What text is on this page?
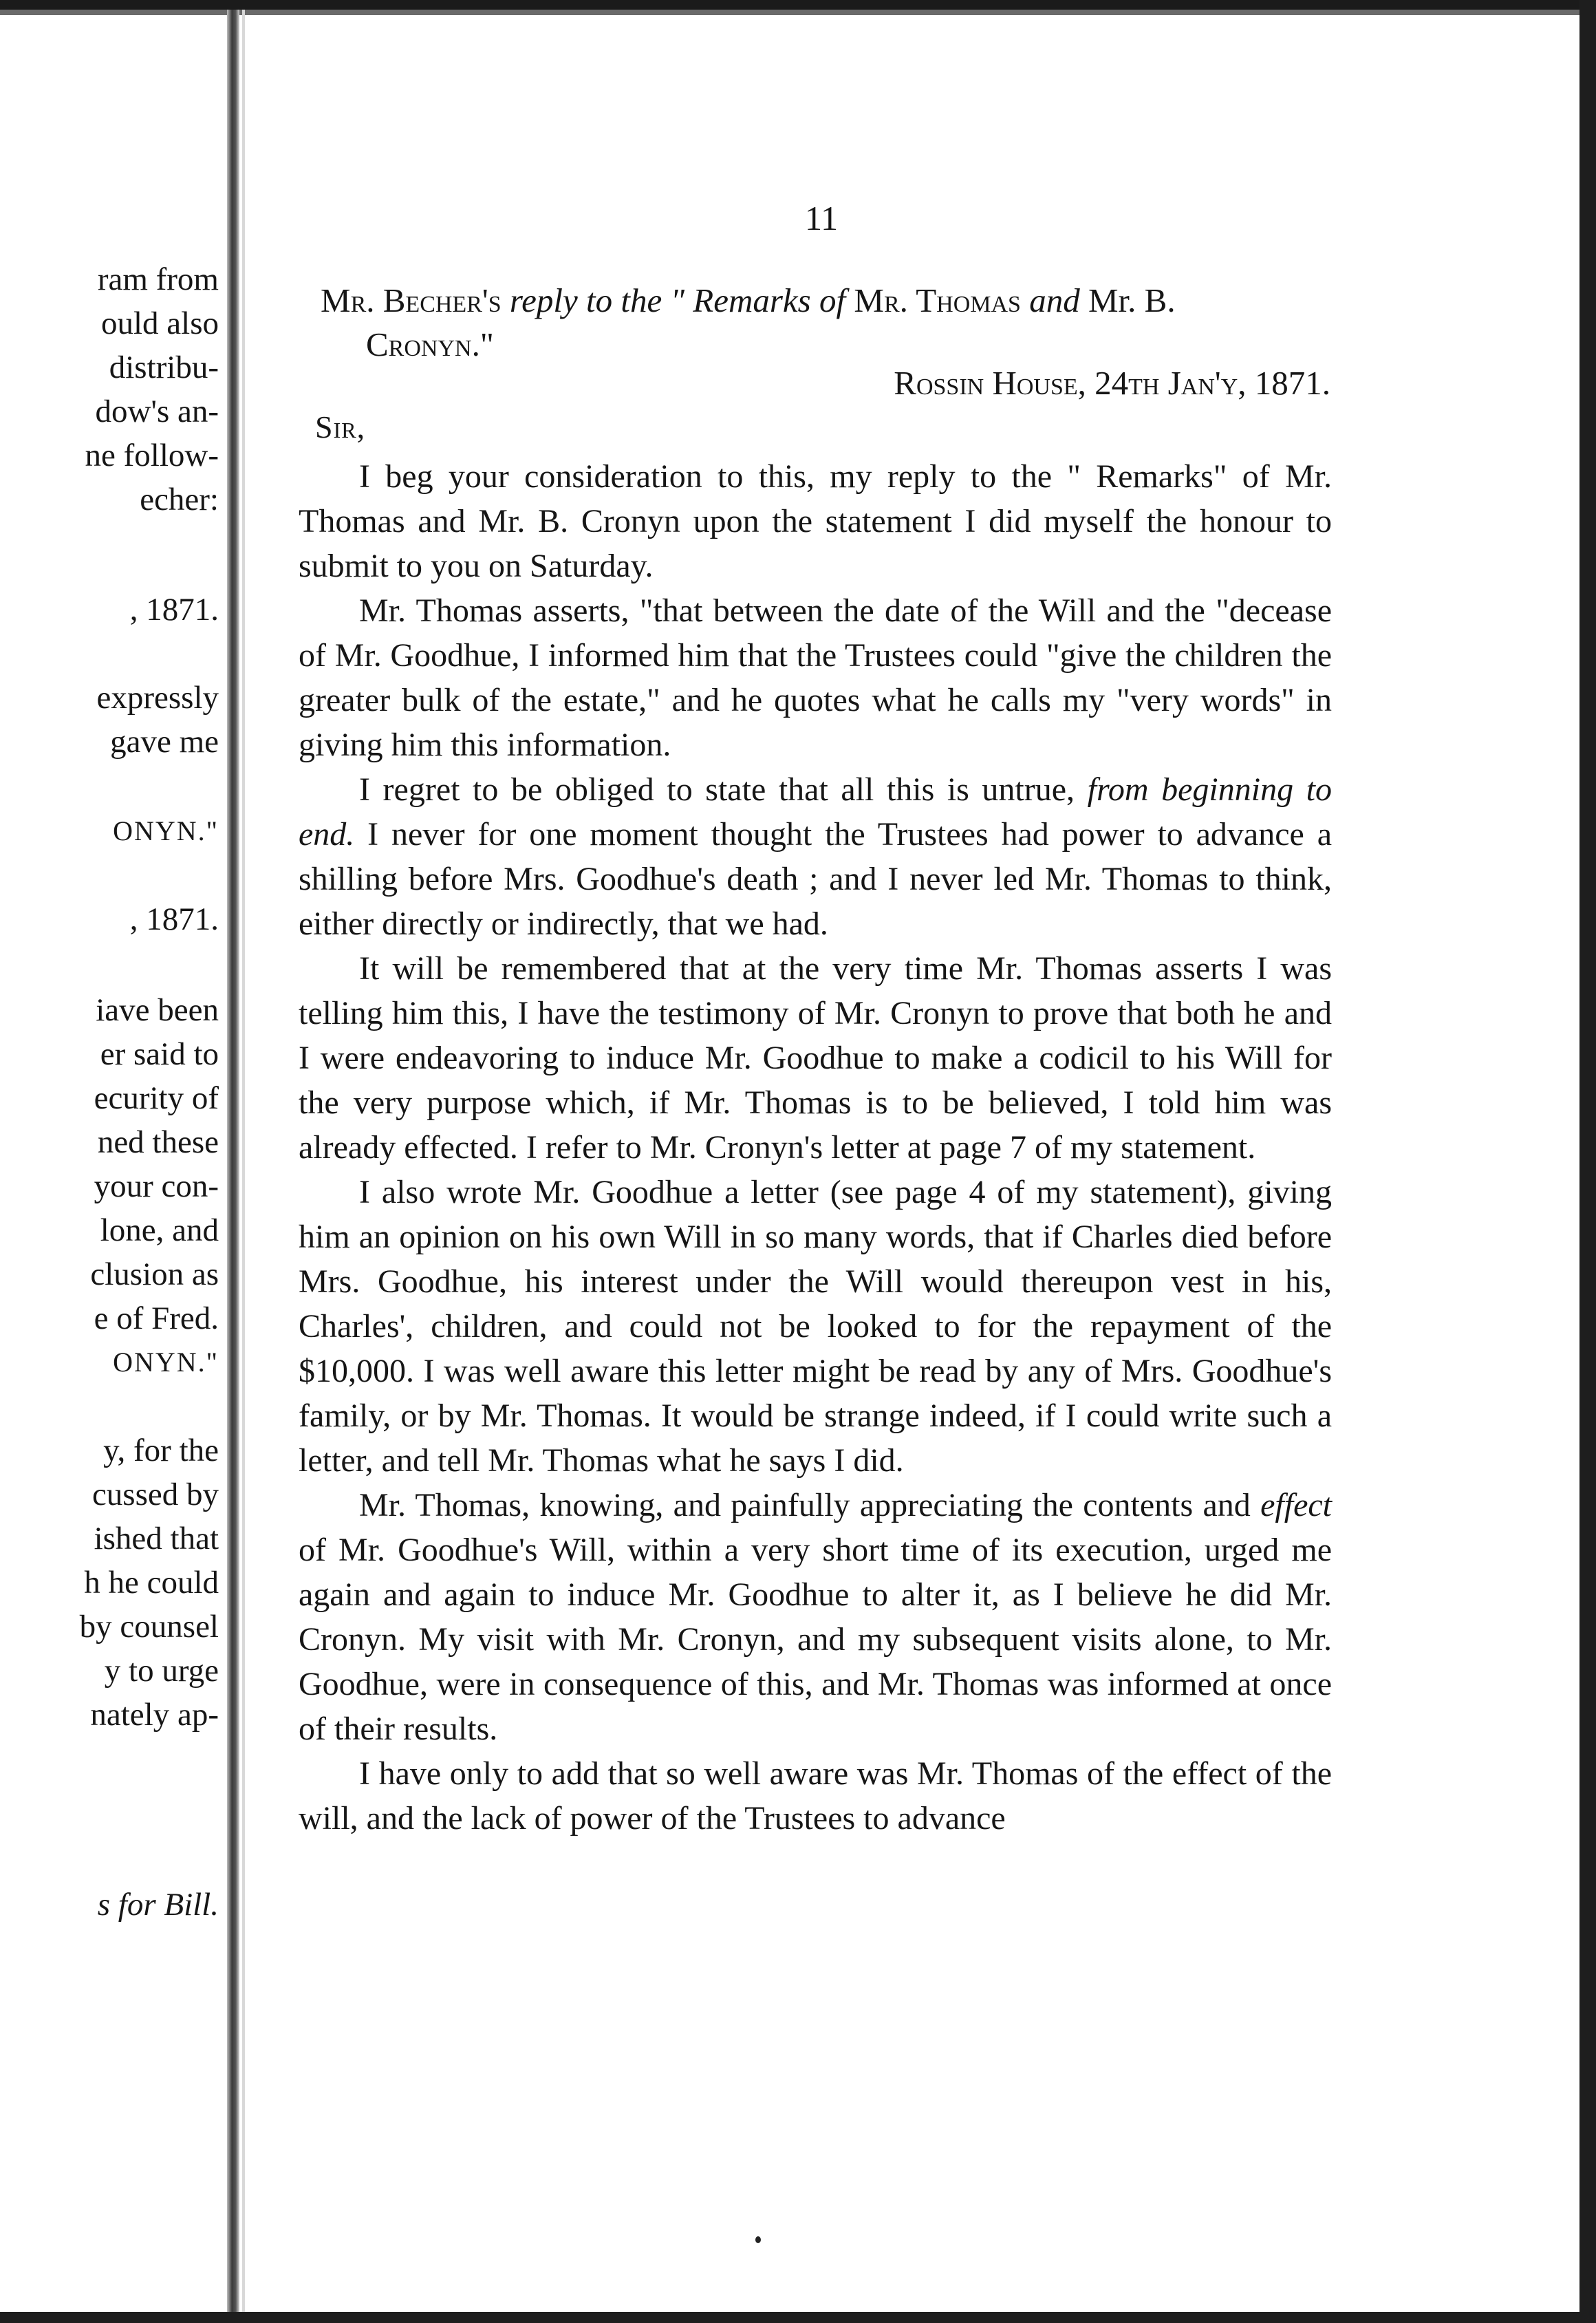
ram from
ould also
distribu-
dow's an-
ne follow-
echer:
, 1871.
expressly
gave me
ONYN."
, 1871.
iave been
er said to
ecurity of
ned these
your con-
lone, and
clusion as
e of Fred.
ONYN."
y, for the
cussed by
ished that
h he could
by counsel
y to urge
nately ap-
s for Bill.
11
Mr. Becher's reply to the " Remarks of Mr. Thomas and Mr. B.
Cronyn."
Rossin House, 24th Jan'y, 1871.
Sir,

I beg your consideration to this, my reply to the " Remarks" of Mr. Thomas and Mr. B. Cronyn upon the statement I did myself the honour to submit to you on Saturday.

Mr. Thomas asserts, "that between the date of the Will and the "decease of Mr. Goodhue, I informed him that the Trustees could "give the children the greater bulk of the estate," and he quotes what he calls my "very words" in giving him this information.

I regret to be obliged to state that all this is untrue, from beginning to end. I never for one moment thought the Trustees had power to advance a shilling before Mrs. Goodhue's death ; and I never led Mr. Thomas to think, either directly or indirectly, that we had.

It will be remembered that at the very time Mr. Thomas asserts I was telling him this, I have the testimony of Mr. Cronyn to prove that both he and I were endeavoring to induce Mr. Goodhue to make a codicil to his Will for the very purpose which, if Mr. Thomas is to be believed, I told him was already effected. I refer to Mr. Cronyn's letter at page 7 of my statement.

I also wrote Mr. Goodhue a letter (see page 4 of my statement), giving him an opinion on his own Will in so many words, that if Charles died before Mrs. Goodhue, his interest under the Will would thereupon vest in his, Charles', children, and could not be looked to for the repayment of the $10,000. I was well aware this letter might be read by any of Mrs. Goodhue's family, or by Mr. Thomas. It would be strange indeed, if I could write such a letter, and tell Mr. Thomas what he says I did.

Mr. Thomas, knowing, and painfully appreciating the contents and effect of Mr. Goodhue's Will, within a very short time of its execution, urged me again and again to induce Mr. Goodhue to alter it, as I believe he did Mr. Cronyn. My visit with Mr. Cronyn, and my subsequent visits alone, to Mr. Goodhue, were in consequence of this, and Mr. Thomas was informed at once of their results.

I have only to add that so well aware was Mr. Thomas of the effect of the will, and the lack of power of the Trustees to advance
